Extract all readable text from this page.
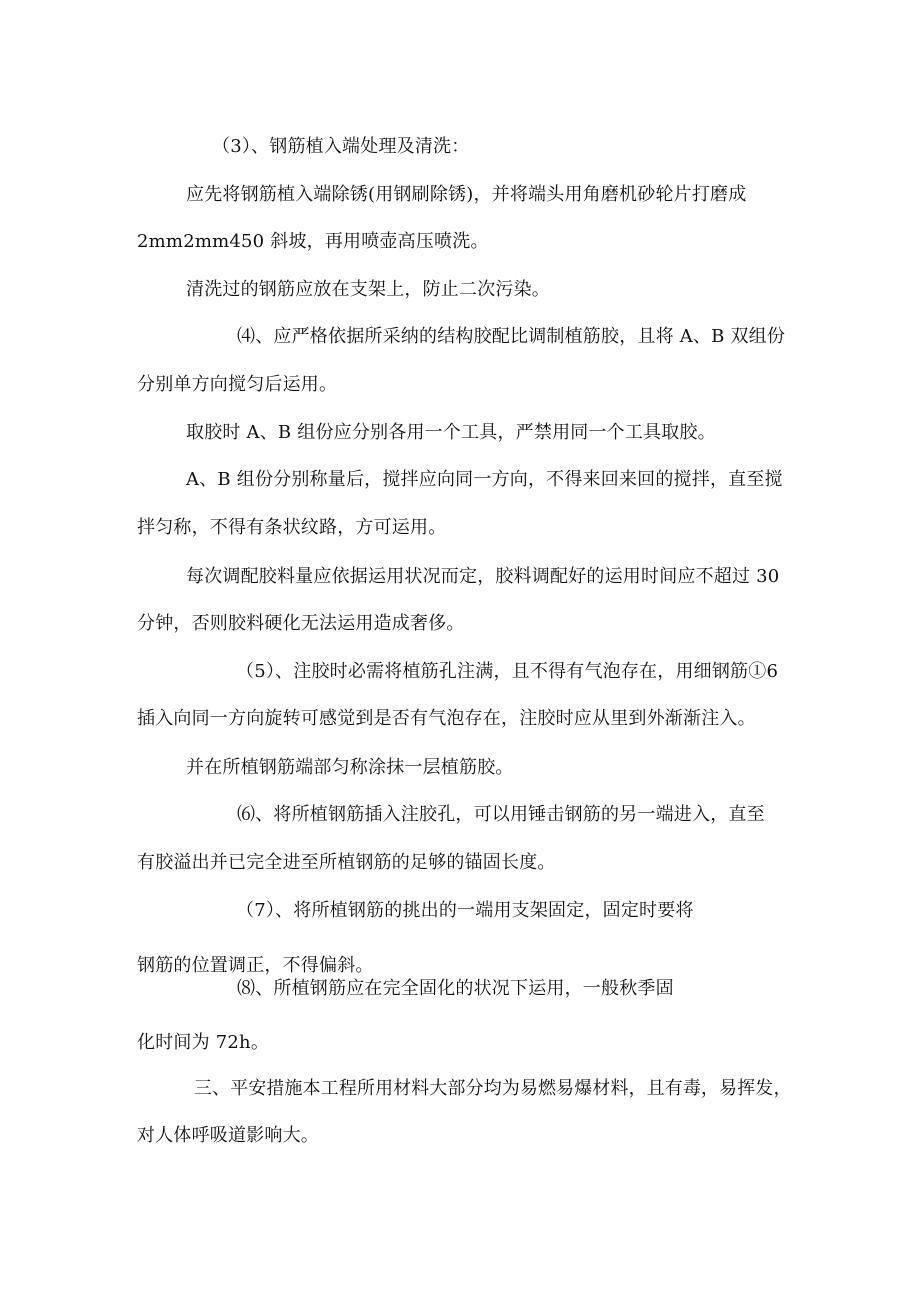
（3）、钢筋植入端处理及清洗：
应先将钢筋植入端除锈(用钢刷除锈)，并将端头用角磨机砂轮片打磨成
2mm2mm450 斜坡，再用喷壶高压喷洗。
清洗过的钢筋应放在支架上，防止二次污染。
⑷、应严格依据所采纳的结构胶配比调制植筋胶，且将 A、B 双组份
分别单方向搅匀后运用。
取胶时 A、B 组份应分别各用一个工具，严禁用同一个工具取胶。
A、B 组份分别称量后，搅拌应向同一方向，不得来回来回的搅拌，直至搅
拌匀称，不得有条状纹路，方可运用。
每次调配胶料量应依据运用状况而定，胶料调配好的运用时间应不超过 30
分钟，否则胶料硬化无法运用造成奢侈。
（5）、注胶时必需将植筋孔注满，且不得有气泡存在，用细钢筋①6
插入向同一方向旋转可感觉到是否有气泡存在，注胶时应从里到外渐渐注入。
并在所植钢筋端部匀称涂抹一层植筋胶。
⑹、将所植钢筋插入注胶孔，可以用锤击钢筋的另一端进入，直至
有胶溢出并已完全进至所植钢筋的足够的锚固长度。
（7）、将所植钢筋的挑出的一端用支架固定，固定时要将
钢筋的位置调正，不得偏斜。
⑻、所植钢筋应在完全固化的状况下运用，一般秋季固
化时间为 72h。
三、平安措施本工程所用材料大部分均为易燃易爆材料，且有毒，易挥发，
对人体呼吸道影响大。
